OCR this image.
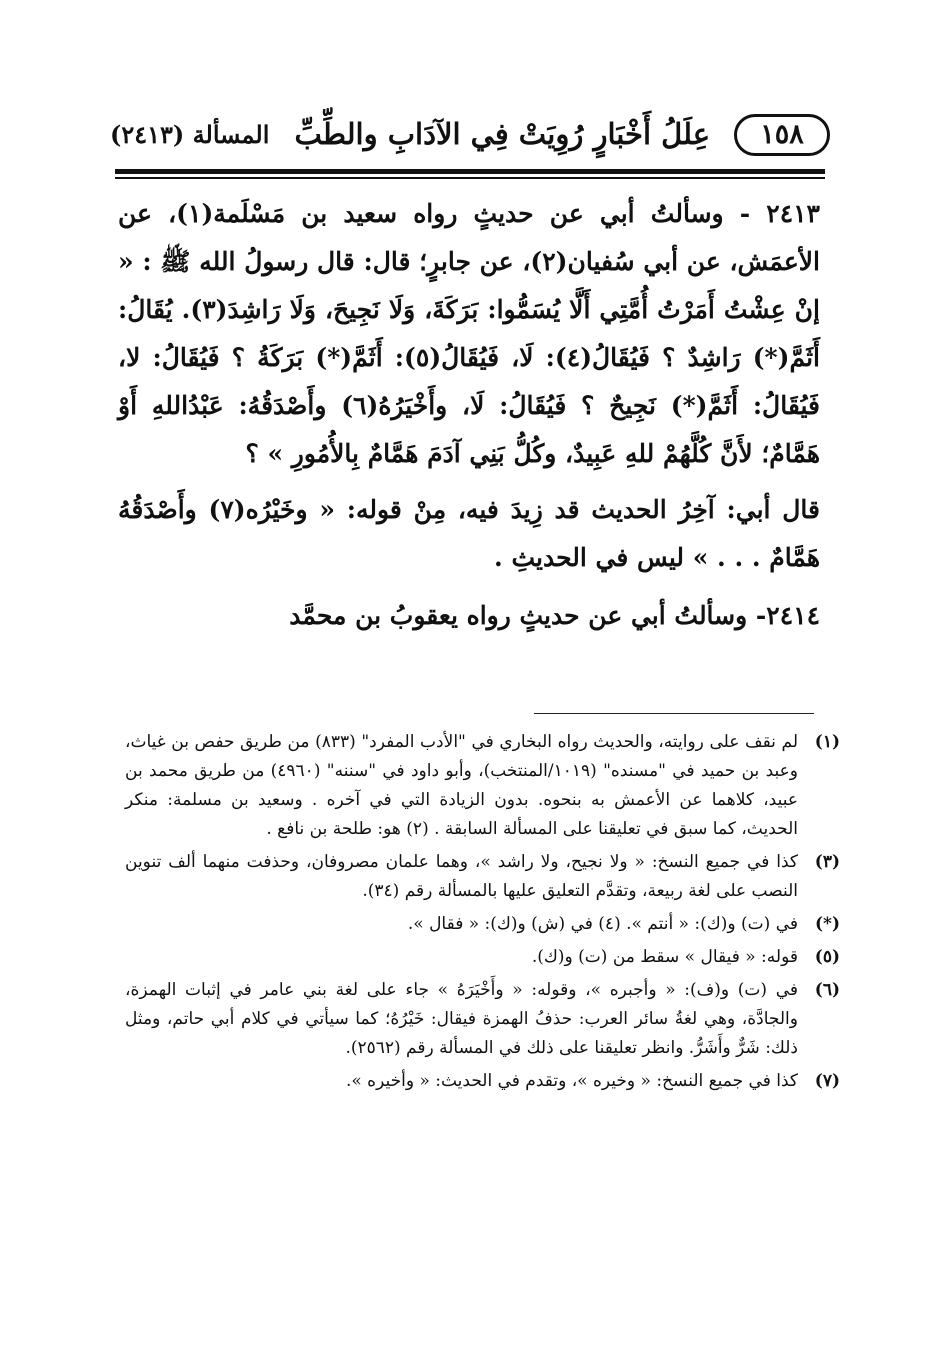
١٥٨
عِلَلُ أَخْبَارٍ رُوِيَتْ فِي الآدَابِ والطِّبِّ
المسألة (٢٤١٣)

٢٤١٣ - وسألتُ أبي عن حديثٍ رواه سعيد بن مَسْلَمة(١)، عن الأعمَش، عن أبي سُفيان(٢)، عن جابرٍ؛ قال: قال رسولُ الله ﷺ : « إنْ عِشْتُ أَمَرْتُ أُمَّتِي أَلَّا يُسَمُّوا: بَرَكَةَ، وَلَا نَجِيحَ، وَلَا رَاشِدَ(٣). يُقَالُ: أَثَمَّ(*) رَاشِدٌ ؟ فَيُقَالُ(٤): لَا، فَيُقَالُ(٥): أَثَمَّ(*) بَرَكَةُ ؟ فَيُقَالُ: لا، فَيُقَالُ: أَثَمَّ(*) نَجِيحٌ ؟ فَيُقَالُ: لَا، وأَخْيَرُهُ(٦) وأَصْدَقُهُ: عَبْدُاللهِ أَوْ هَمَّامٌ؛ لأَنَّ كُلَّهُمْ للهِ عَبِيدٌ، وكُلُّ بَنِي آدَمَ هَمَّامٌ بِالأُمُورِ » ؟

قال أبي: آخِرُ الحديث قد زِيدَ فيه، مِنْ قوله: « وخَيْرُه(٧) وأَصْدَقُهُ هَمَّامٌ . . . » ليس في الحديثِ .

٢٤١٤- وسألتُ أبي عن حديثٍ رواه يعقوبُ بن محمَّد

(١)
لم نقف على روايته، والحديث رواه البخاري في "الأدب المفرد" (٨٣٣) من طريق حفص بن غياث، وعبد بن حميد في "مسنده" (١٠١٩/المنتخب)، وأبو داود في "سننه" (٤٩٦٠) من طريق محمد بن عبيد، كلاهما عن الأعمش به بنحوه. بدون الزيادة التي في آخره . وسعيد بن مسلمة: منكر الحديث، كما سبق في تعليقنا على المسألة السابقة . (٢) هو: طلحة بن نافع .
(٣)
كذا في جميع النسخ: « ولا نجيح، ولا راشد »، وهما علمان مصروفان، وحذفت منهما ألف تنوين النصب على لغة ربيعة، وتقدَّم التعليق عليها بالمسألة رقم (٣٤).
(*)
في (ت) و(ك): « أنتم ». (٤) في (ش) و(ك): « فقال ».
(٥)
قوله: « فيقال » سقط من (ت) و(ك).
(٦)
في (ت) و(ف): « وأجبره »، وقوله: « وأَخْيَرَهُ » جاء على لغة بني عامر في إثبات الهمزة، والجادَّة، وهي لغةُ سائر العرب: حذفُ الهمزة فيقال: خَيْرُهُ؛ كما سيأتي في كلام أبي حاتم، ومثل ذلك: شَرٌّ وأَشَرُّ. وانظر تعليقنا على ذلك في المسألة رقم (٢٥٦٢).
(٧)
كذا في جميع النسخ: « وخيره »، وتقدم في الحديث: « وأخيره ».
